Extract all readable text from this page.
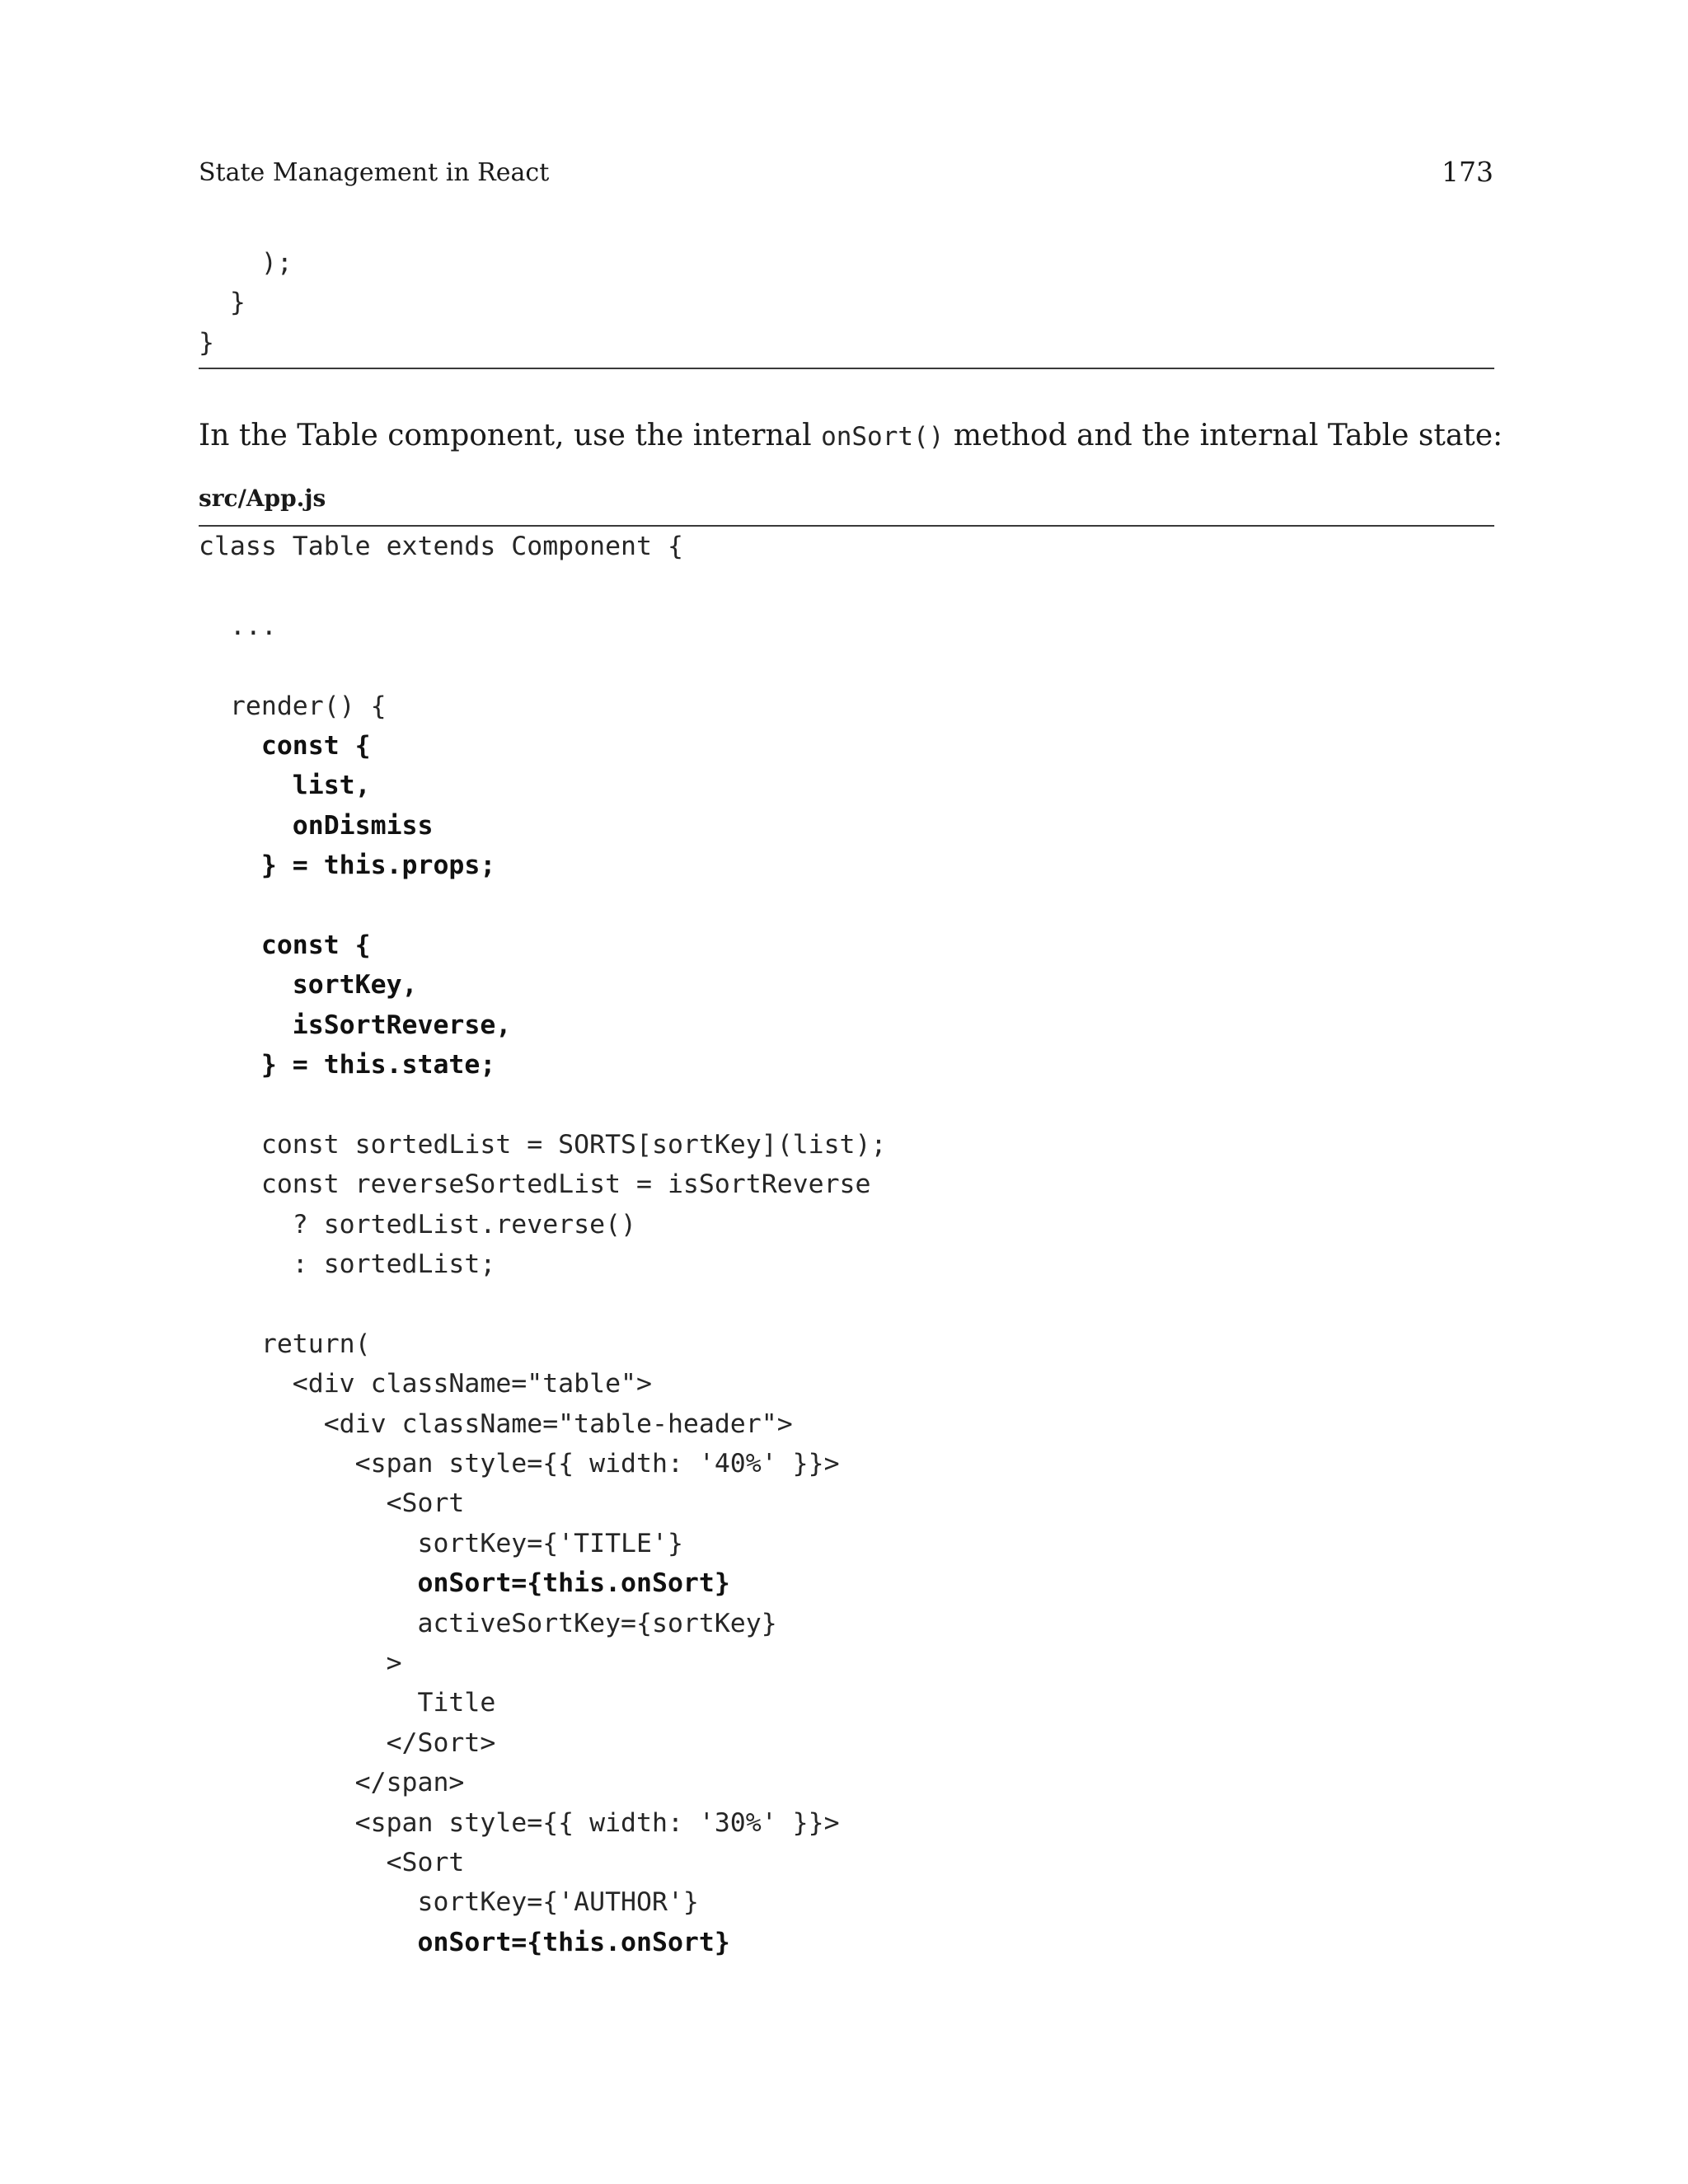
State Management in React	173
);
}
}

In the Table component, use the internal onSort() method and the internal Table state:

src/App.js
class Table extends Component {
...
render() {
const {
list,
onDismiss
} = this.props;
const {
sortKey,
isSortReverse,
} = this.state;
const sortedList = SORTS[sortKey](list);
const reverseSortedList = isSortReverse
? sortedList.reverse()
: sortedList;
return(
<div className="table">
<div className="table-header">
<span style={{ width: '40%' }}>
<Sort
sortKey={'TITLE'}
onSort={this.onSort}
activeSortKey={sortKey}
>
Title
</Sort>
</span>
<span style={{ width: '30%' }}>
<Sort
sortKey={'AUTHOR'}
onSort={this.onSort}
